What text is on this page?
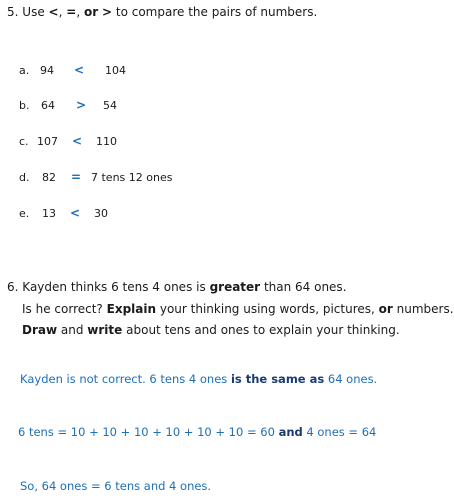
5. Use <, =, or > to compare the pairs of numbers.
a. 94 < 104
b. 64 > 54
c. 107 < 110
d. 82 = 7 tens 12 ones
e. 13 < 30
6. Kayden thinks 6 tens 4 ones is greater than 64 ones.
Is he correct? Explain your thinking using words, pictures, or numbers.
Draw and write about tens and ones to explain your thinking.
Kayden is not correct. 6 tens 4 ones is the same as 64 ones.
6 tens = 10 + 10 + 10 + 10 + 10 + 10 = 60 and 4 ones = 64
So, 64 ones = 6 tens and 4 ones.
